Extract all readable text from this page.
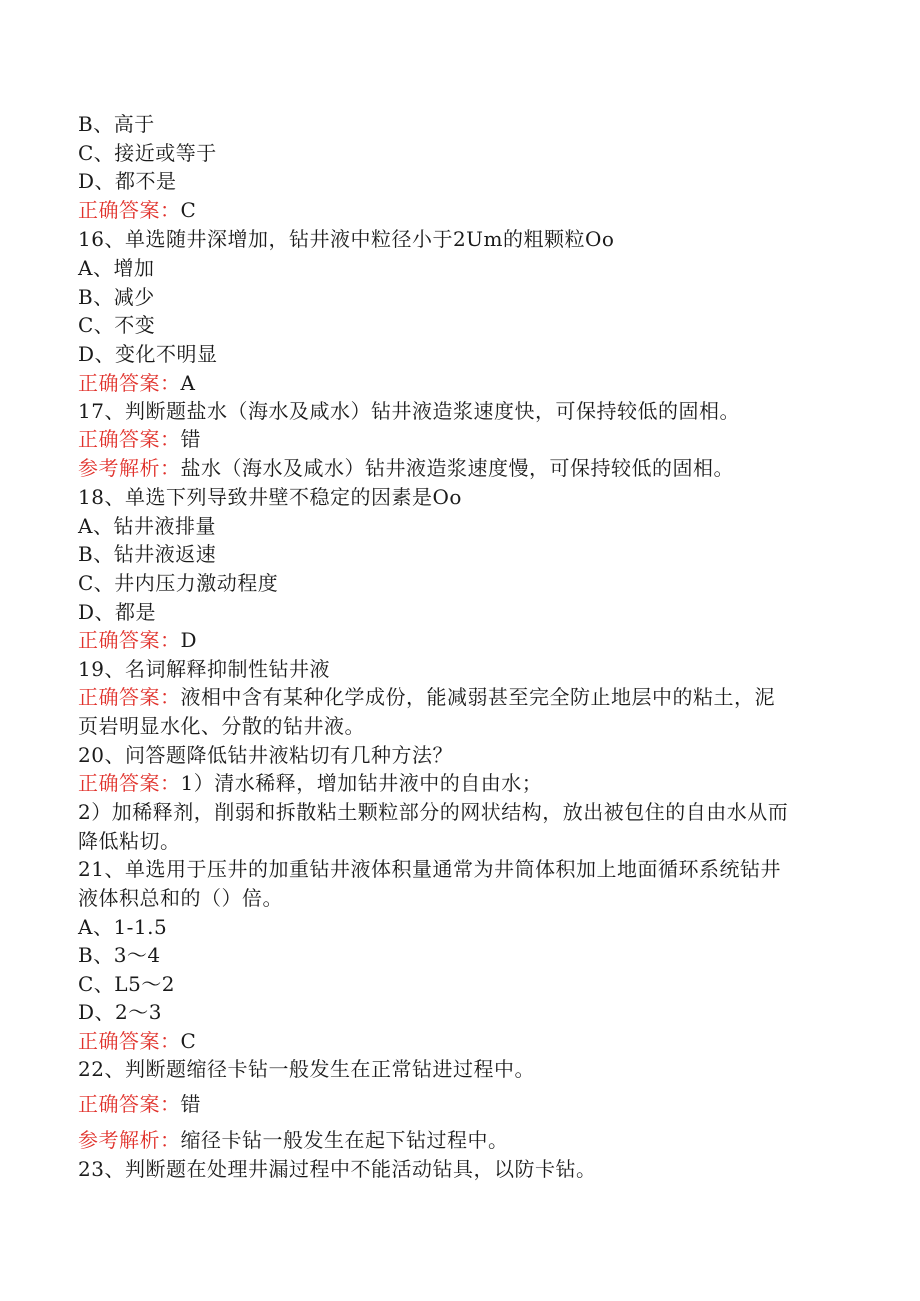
B、高于
C、接近或等于
D、都不是
正确答案：C
16、单选随井深增加，钻井液中粒径小于2Um的粗颗粒Oo
A、增加
B、减少
C、不变
D、变化不明显
正确答案：A
17、判断题盐水（海水及咸水）钻井液造浆速度快，可保持较低的固相。
正确答案：错
参考解析：盐水（海水及咸水）钻井液造浆速度慢，可保持较低的固相。
18、单选下列导致井壁不稳定的因素是Oo
A、钻井液排量
B、钻井液返速
C、井内压力激动程度
D、都是
正确答案：D
19、名词解释抑制性钻井液
正确答案：液相中含有某种化学成份，能减弱甚至完全防止地层中的粘土，泥
页岩明显水化、分散的钻井液。
20、问答题降低钻井液粘切有几种方法？
正确答案：1）清水稀释，增加钻井液中的自由水；
2）加稀释剂，削弱和拆散粘土颗粒部分的网状结构，放出被包住的自由水从而
降低粘切。
21、单选用于压井的加重钻井液体积量通常为井筒体积加上地面循环系统钻井
液体积总和的（）倍。
A、1-1.5
B、3～4
C、L5～2
D、2～3
正确答案：C
22、判断题缩径卡钻一般发生在正常钻进过程中。
正确答案：错
参考解析：缩径卡钻一般发生在起下钻过程中。
23、判断题在处理井漏过程中不能活动钻具，以防卡钻。
